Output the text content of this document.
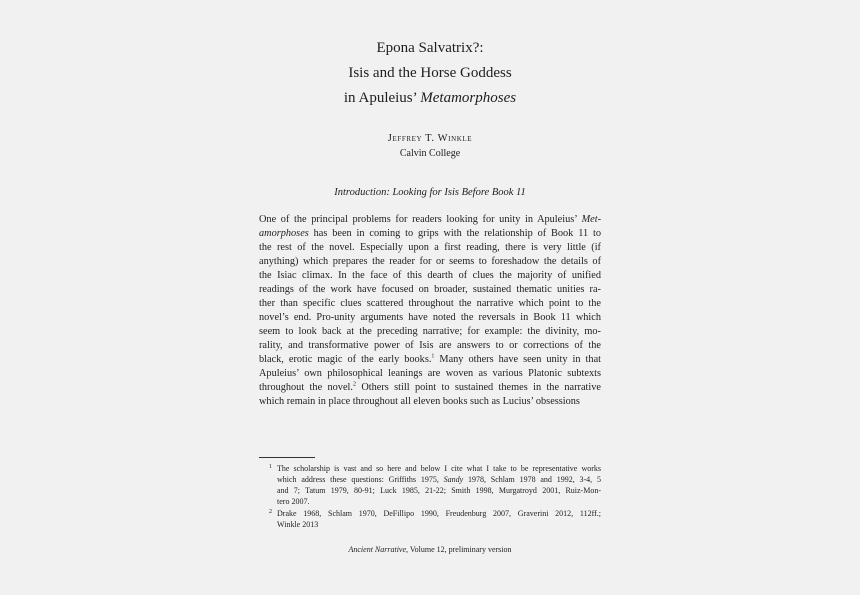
Epona Salvatrix?:
Isis and the Horse Goddess
in Apuleius’ Metamorphoses
Jeffrey T. Winkle
Calvin College
Introduction: Looking for Isis Before Book 11
One of the principal problems for readers looking for unity in Apuleius’ Met-
amorphoses has been in coming to grips with the relationship of Book 11 to
the rest of the novel. Especially upon a first reading, there is very little (if
anything) which prepares the reader for or seems to foreshadow the details of
the Isiac climax. In the face of this dearth of clues the majority of unified
readings of the work have focused on broader, sustained thematic unities ra-
ther than specific clues scattered throughout the narrative which point to the
novel’s end. Pro-unity arguments have noted the reversals in Book 11 which
seem to look back at the preceding narrative; for example: the divinity, mo-
rality, and transformative power of Isis are answers to or corrections of the
black, erotic magic of the early books.$^1$ Many others have seen unity in that
Apuleius’ own philosophical leanings are woven as various Platonic subtexts
throughout the novel.$^2$ Others still point to sustained themes in the narrative
which remain in place throughout all eleven books such as Lucius’ obsessions
1 The scholarship is vast and so here and below I cite what I take to be representative works
which address these questions: Griffiths 1975, Sandy 1978, Schlam 1978 and 1992, 3-4, 5
and 7; Tatum 1979, 80-91; Luck 1985, 21-22; Smith 1998, Murgatroyd 2001, Ruiz-Mon-
tero 2007.
2 Drake 1968, Schlam 1970, DeFillipo 1990, Freudenburg 2007, Graverini 2012, 112ff.;
Winkle 2013
Ancient Narrative, Volume 12, preliminary version
